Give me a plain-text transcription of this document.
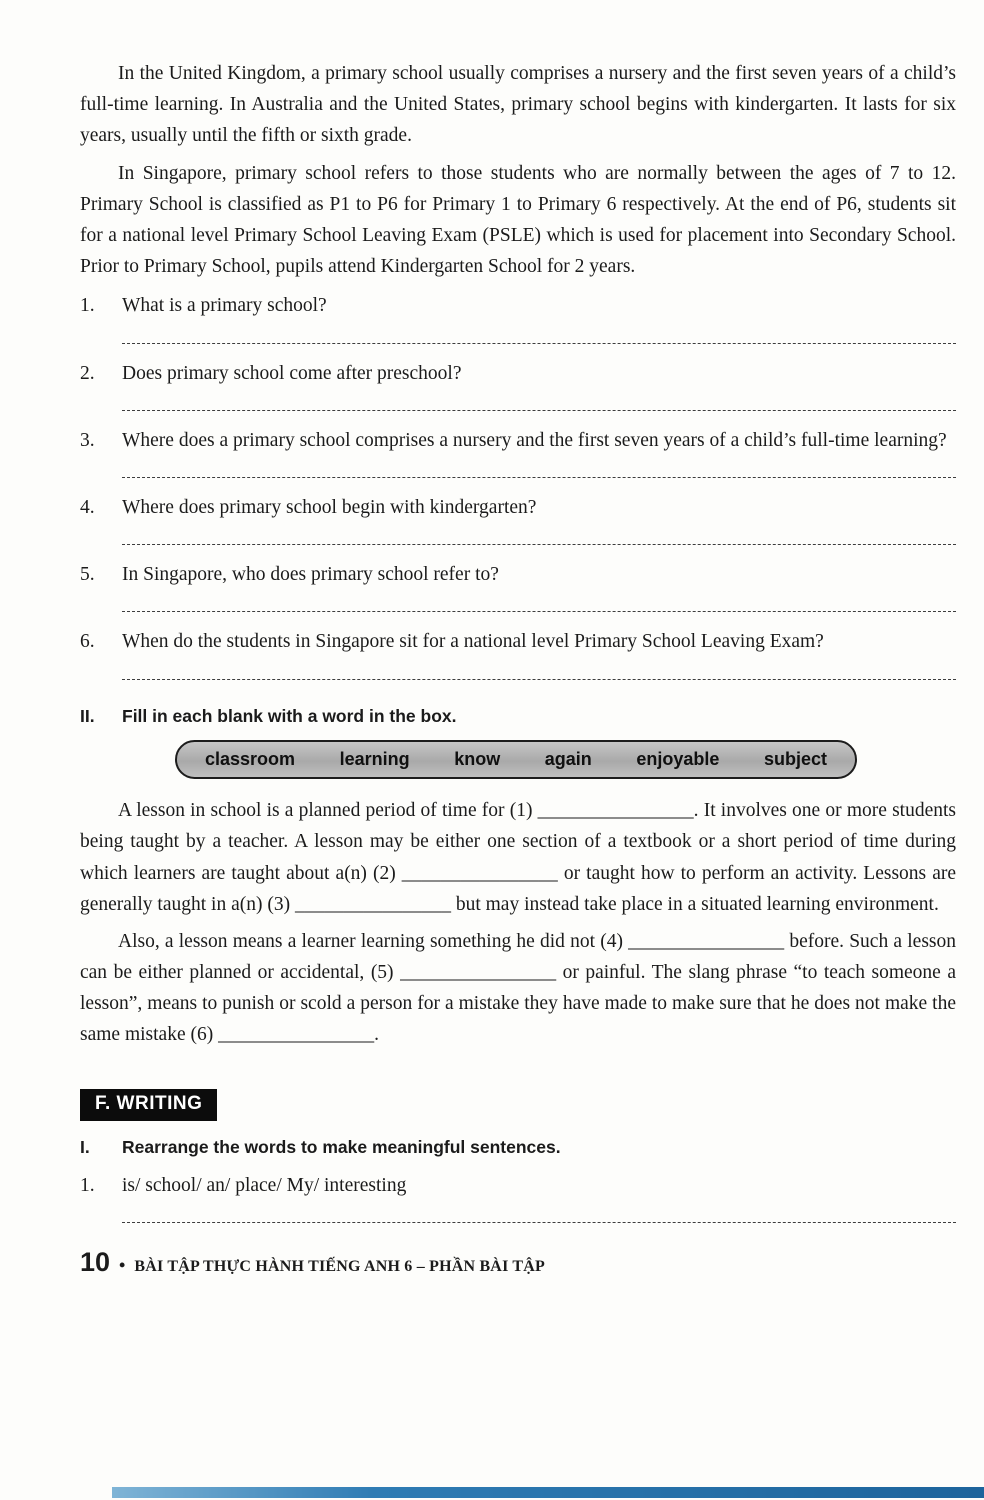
In the United Kingdom, a primary school usually comprises a nursery and the first seven years of a child’s full-time learning. In Australia and the United States, primary school begins with kindergarten. It lasts for six years, usually until the fifth or sixth grade.

In Singapore, primary school refers to those students who are normally between the ages of 7 to 12. Primary School is classified as P1 to P6 for Primary 1 to Primary 6 respectively. At the end of P6, students sit for a national level Primary School Leaving Exam (PSLE) which is used for placement into Secondary School. Prior to Primary School, pupils attend Kindergarten School for 2 years.

1.	What is a primary school?
2.	Does primary school come after preschool?
3.	Where does a primary school comprises a nursery and the first seven years of a child’s full-time learning?
4.	Where does primary school begin with kindergarten?
5.	In Singapore, who does primary school refer to?
6.	When do the students in Singapore sit for a national level Primary School Leaving Exam?
II.	Fill in each blank with a word in the box.
classroom learning know again enjoyable subject

A lesson in school is a planned period of time for (1) ________________. It involves one or more students being taught by a teacher. A lesson may be either one section of a textbook or a short period of time during which learners are taught about a(n) (2) ________________ or taught how to perform an activity. Lessons are generally taught in a(n) (3) ________________ but may instead take place in a situated learning environment.

Also, a lesson means a learner learning something he did not (4) ________________ before. Such a lesson can be either planned or accidental, (5) ________________ or painful. The slang phrase “to teach someone a lesson”, means to punish or scold a person for a mistake they have made to make sure that he does not make the same mistake (6) ________________.

F. WRITING
I.	Rearrange the words to make meaningful sentences.
1.	is/ school/ an/ place/ My/ interesting
10 • BÀI TẬP THỰC HÀNH TIẾNG ANH 6 – PHẦN BÀI TẬP
